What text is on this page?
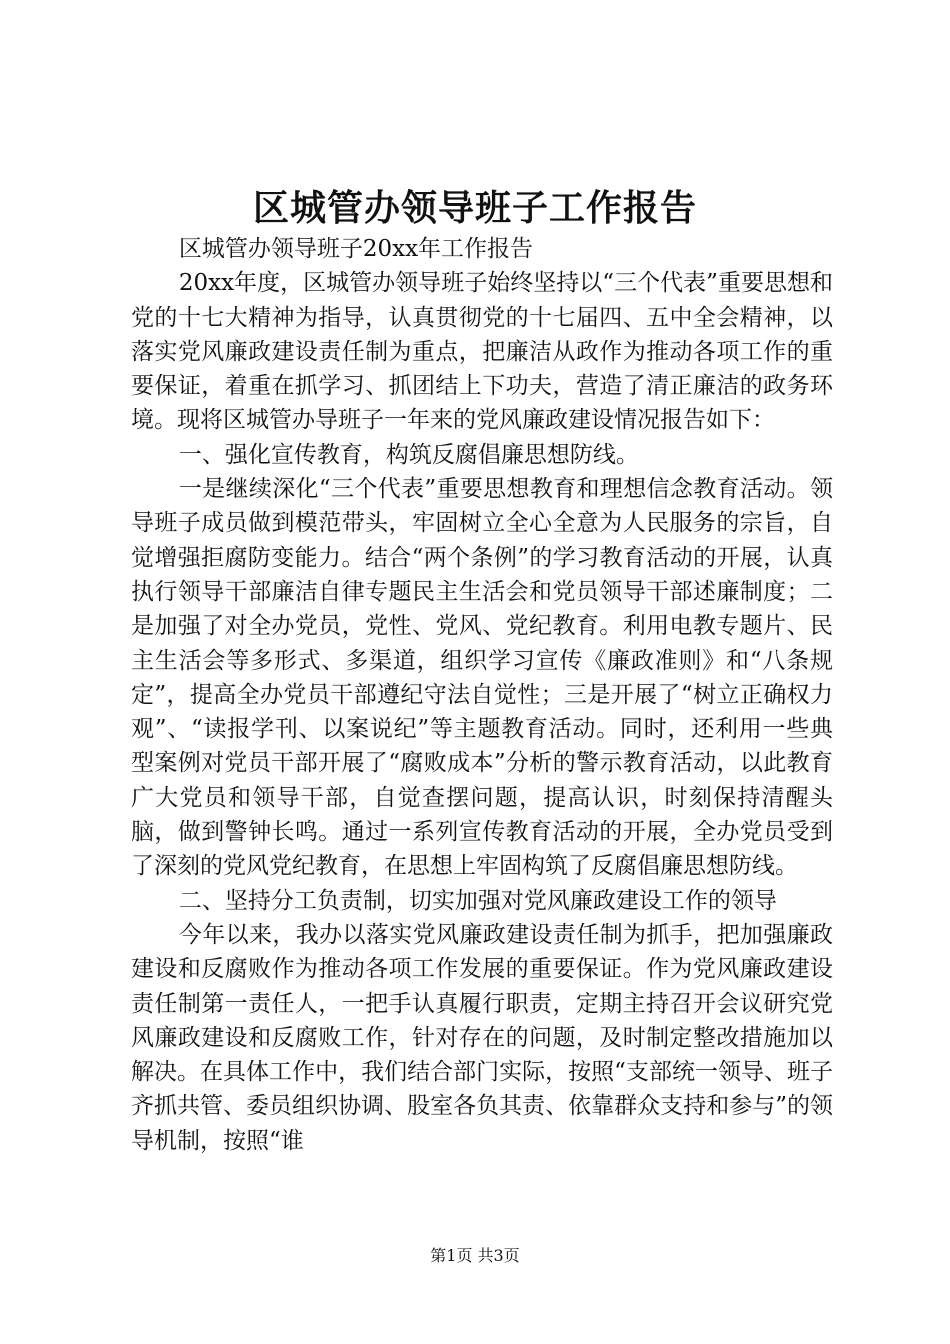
区城管办领导班子工作报告

区城管办领导班子20xx年工作报告

20xx年度，区城管办领导班子始终坚持以“三个代表”重要思想和党的十七大精神为指导，认真贯彻党的十七届四、五中全会精神，以落实党风廉政建设责任制为重点，把廉洁从政作为推动各项工作的重要保证，着重在抓学习、抓团结上下功夫，营造了清正廉洁的政务环境。现将区城管办导班子一年来的党风廉政建设情况报告如下：

一、强化宣传教育，构筑反腐倡廉思想防线。

一是继续深化“三个代表”重要思想教育和理想信念教育活动。领导班子成员做到模范带头，牢固树立全心全意为人民服务的宗旨，自觉增强拒腐防变能力。结合“两个条例”的学习教育活动的开展，认真执行领导干部廉洁自律专题民主生活会和党员领导干部述廉制度；二是加强了对全办党员，党性、党风、党纪教育。利用电教专题片、民主生活会等多形式、多渠道，组织学习宣传《廉政准则》和“八条规定”，提高全办党员干部遵纪守法自觉性；三是开展了“树立正确权力观”、“读报学刊、以案说纪”等主题教育活动。同时，还利用一些典型案例对党员干部开展了“腐败成本”分析的警示教育活动，以此教育广大党员和领导干部，自觉查摆问题，提高认识，时刻保持清醒头脑，做到警钟长鸣。通过一系列宣传教育活动的开展，全办党员受到了深刻的党风党纪教育，在思想上牢固构筑了反腐倡廉思想防线。

二、坚持分工负责制，切实加强对党风廉政建设工作的领导

今年以来，我办以落实党风廉政建设责任制为抓手，把加强廉政建设和反腐败作为推动各项工作发展的重要保证。作为党风廉政建设责任制第一责任人，一把手认真履行职责，定期主持召开会议研究党风廉政建设和反腐败工作，针对存在的问题，及时制定整改措施加以解决。在具体工作中，我们结合部门实际，按照“支部统一领导、班子齐抓共管、委员组织协调、股室各负其责、依靠群众支持和参与”的领导机制，按照“谁

第1页 共3页
